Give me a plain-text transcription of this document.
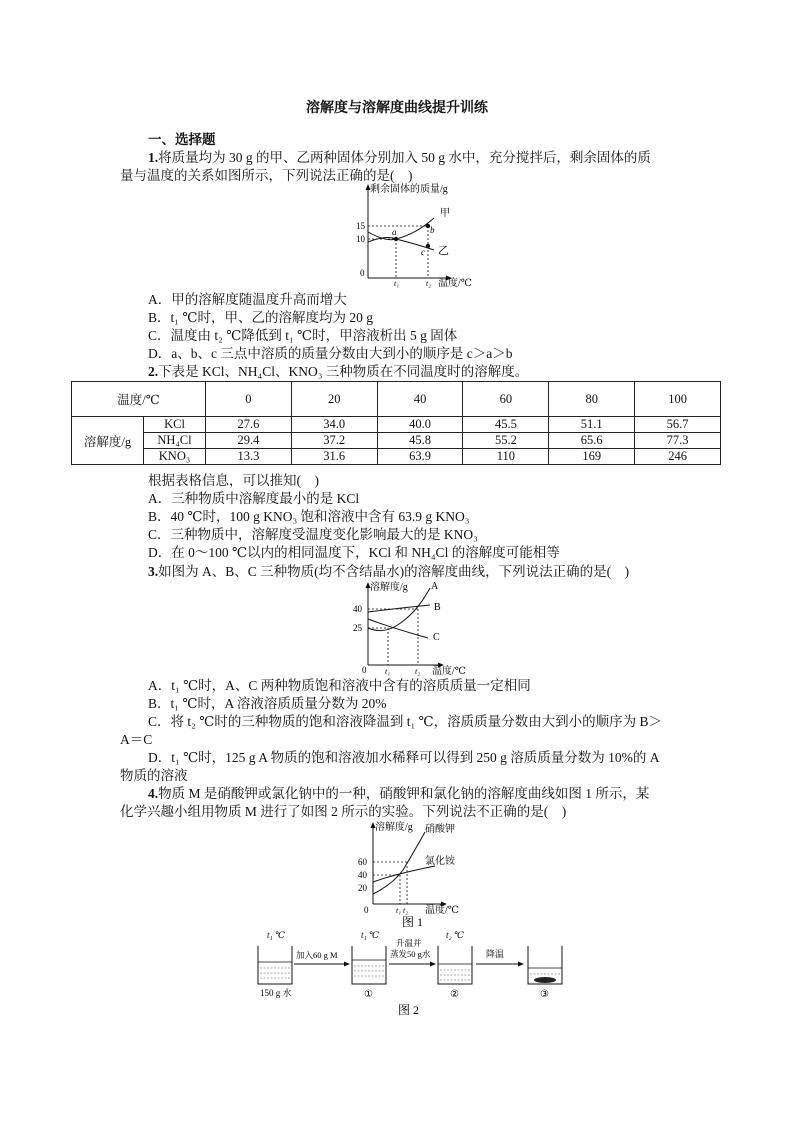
溶解度与溶解度曲线提升训练
一、选择题
1.将质量均为 30 g 的甲、乙两种固体分别加入 50 g 水中，充分搅拌后，剩余固体的质
量与温度的关系如图所示，下列说法正确的是(　)
剩余固体的质量/g
温度/℃
0
15
10
t₁	t₂
a	b
c
甲
乙
A．甲的溶解度随温度升高而增大
B．t₁ ℃时，甲、乙的溶解度均为 20 g
C．温度由 t₂ ℃降低到 t₁ ℃时，甲溶液析出 5 g 固体
D．a、b、c 三点中溶质的质量分数由大到小的顺序是 c＞a＞b
2.下表是 KCl、NH₄Cl、KNO₃ 三种物质在不同温度时的溶解度。
温度/℃		0	20	40	60	80	100
溶解度/g	KCl	27.6	34.0	40.0	45.5	51.1	56.7
	NH₄Cl	29.4	37.2	45.8	55.2	65.6	77.3
	KNO₃	13.3	31.6	63.9	110	169	246
根据表格信息，可以推知(　)
A．三种物质中溶解度最小的是 KCl
B．40 ℃时，100 g KNO₃ 饱和溶液中含有 63.9 g KNO₃
C．三种物质中，溶解度受温度变化影响最大的是 KNO₃
D．在 0～100 ℃以内的相同温度下，KCl 和 NH₄Cl 的溶解度可能相等
3.如图为 A、B、C 三种物质(均不含结晶水)的溶解度曲线，下列说法正确的是(　)
溶解度/g
温度/℃
0
40
25
t₁	t₂
A
B
C
A．t₁ ℃时，A、C 两种物质饱和溶液中含有的溶质质量一定相同
B．t₁ ℃时，A 溶液溶质质量分数为 20%
C．将 t₂ ℃时的三种物质的饱和溶液降温到 t₁ ℃，溶质质量分数由大到小的顺序为 B＞
A＝C
D．t₁ ℃时，125 g A 物质的饱和溶液加水稀释可以得到 250 g 溶质质量分数为 10%的 A
物质的溶液
4.物质 M 是硝酸钾或氯化钠中的一种，硝酸钾和氯化钠的溶解度曲线如图 1 所示，某
化学兴趣小组用物质 M 进行了如图 2 所示的实验。下列说法不正确的是(　)
溶解度/g
温度/℃
0
60
40
20
t₁ t₂
硝酸钾
氯化铵
图 1
t₁ ℃
150 g 水
加入60 g M
t₁ ℃
①
升温并
蒸发50 g水
t₂ ℃
②
降温
③
图 2
